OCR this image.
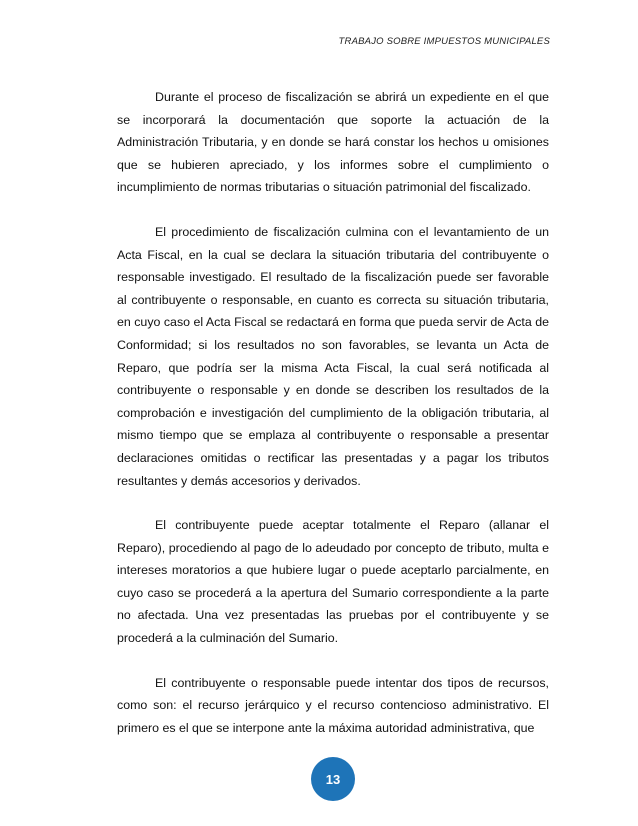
TRABAJO SOBRE IMPUESTOS MUNICIPALES

Durante el proceso de fiscalización se abrirá un expediente en el que se incorporará la documentación que soporte la actuación de la Administración Tributaria, y en donde se hará constar los hechos u omisiones que se hubieren apreciado, y los informes sobre el cumplimiento o incumplimiento de normas tributarias o situación patrimonial del fiscalizado.

El procedimiento de fiscalización culmina con el levantamiento de un Acta Fiscal, en la cual se declara la situación tributaria del contribuyente o responsable investigado. El resultado de la fiscalización puede ser favorable al contribuyente o responsable, en cuanto es correcta su situación tributaria, en cuyo caso el Acta Fiscal se redactará en forma que pueda servir de Acta de Conformidad; si los resultados no son favorables, se levanta un Acta de Reparo, que podría ser la misma Acta Fiscal, la cual será notificada al contribuyente o responsable y en donde se describen los resultados de la comprobación e investigación del cumplimiento de la obligación tributaria, al mismo tiempo que se emplaza al contribuyente o responsable a presentar declaraciones omitidas o rectificar las presentadas y a pagar los tributos resultantes y demás accesorios y derivados.

El contribuyente puede aceptar totalmente el Reparo (allanar el Reparo), procediendo al pago de lo adeudado por concepto de tributo, multa e intereses moratorios a que hubiere lugar o puede aceptarlo parcialmente, en cuyo caso se procederá a la apertura del Sumario correspondiente a la parte no afectada. Una vez presentadas las pruebas por el contribuyente y se procederá a la culminación del Sumario.

El contribuyente o responsable puede intentar dos tipos de recursos, como son: el recurso jerárquico y el recurso contencioso administrativo. El primero es el que se interpone ante la máxima autoridad administrativa, que

13
